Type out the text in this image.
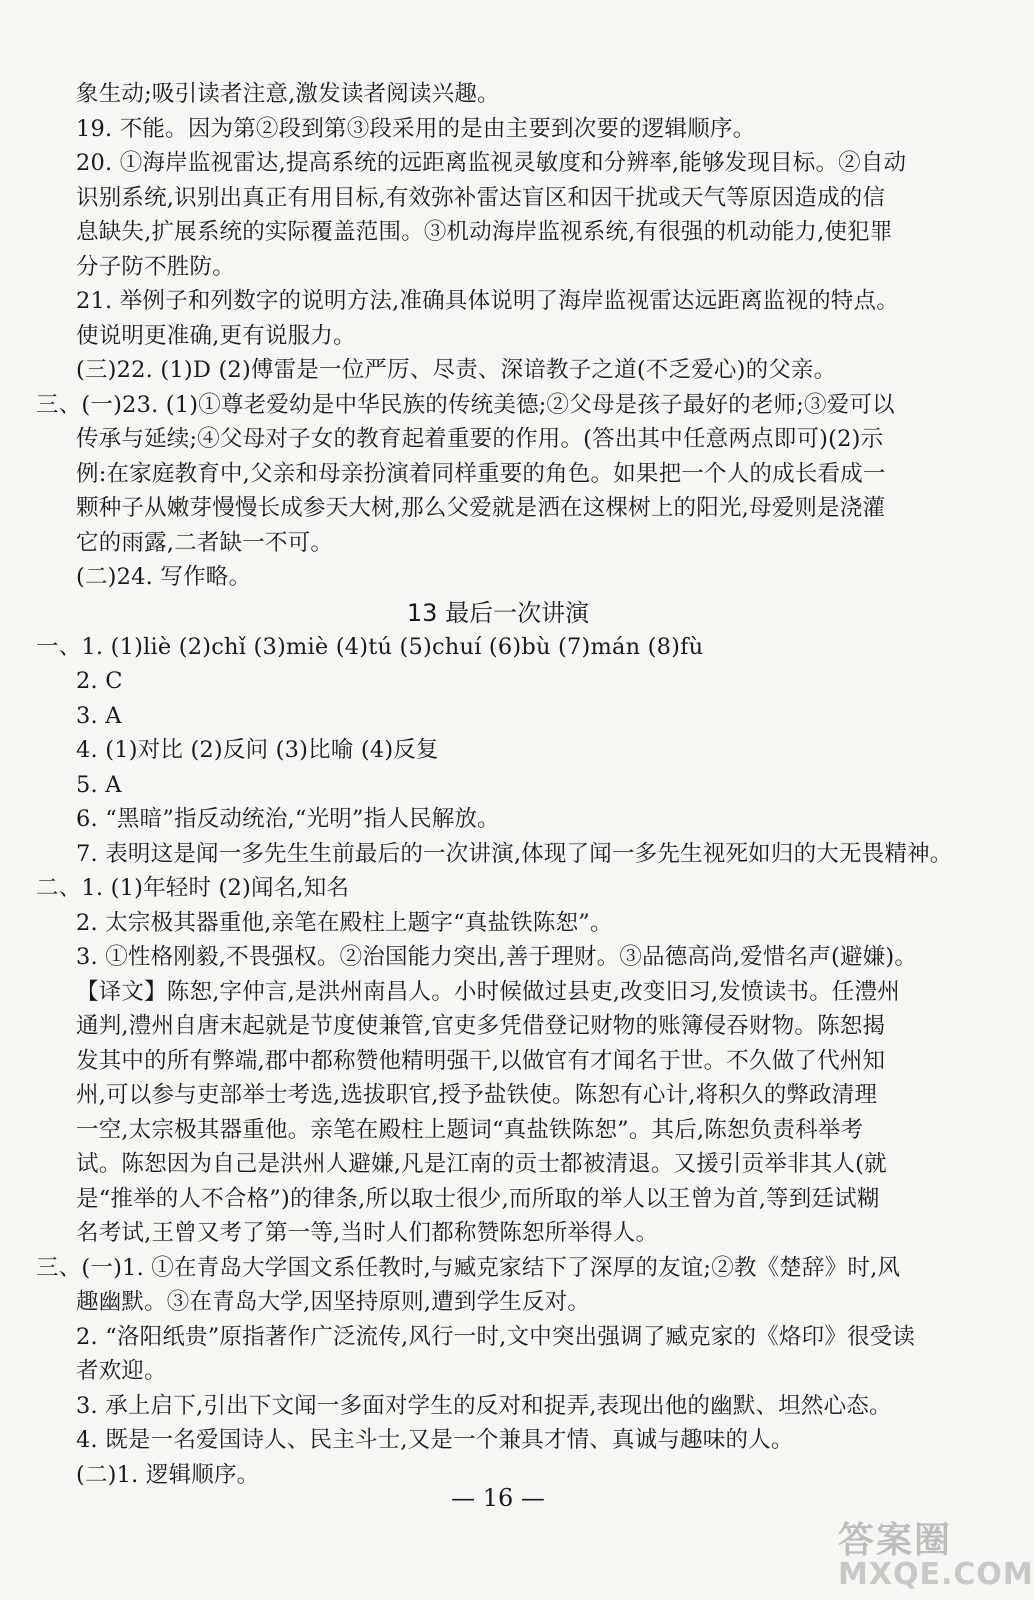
象生动;吸引读者注意,激发读者阅读兴趣。
19. 不能。因为第②段到第③段采用的是由主要到次要的逻辑顺序。
20. ①海岸监视雷达,提高系统的远距离监视灵敏度和分辨率,能够发现目标。②自动
识别系统,识别出真正有用目标,有效弥补雷达盲区和因干扰或天气等原因造成的信
息缺失,扩展系统的实际覆盖范围。③机动海岸监视系统,有很强的机动能力,使犯罪
分子防不胜防。
21. 举例子和列数字的说明方法,准确具体说明了海岸监视雷达远距离监视的特点。
使说明更准确,更有说服力。
(三)22. (1)D (2)傅雷是一位严厉、尽责、深谙教子之道(不乏爱心)的父亲。
三、(一)23. (1)①尊老爱幼是中华民族的传统美德;②父母是孩子最好的老师;③爱可以
传承与延续;④父母对子女的教育起着重要的作用。(答出其中任意两点即可)(2)示
例:在家庭教育中,父亲和母亲扮演着同样重要的角色。如果把一个人的成长看成一
颗种子从嫩芽慢慢长成参天大树,那么父爱就是洒在这棵树上的阳光,母爱则是浇灌
它的雨露,二者缺一不可。
(二)24. 写作略。
13 最后一次讲演
一、1. (1)liè (2)chǐ (3)miè (4)tú (5)chuí (6)bù (7)mán (8)fù
2. C
3. A
4. (1)对比 (2)反问 (3)比喻 (4)反复
5. A
6. “黑暗”指反动统治,“光明”指人民解放。
7. 表明这是闻一多先生生前最后的一次讲演,体现了闻一多先生视死如归的大无畏精神。
二、1. (1)年轻时 (2)闻名,知名
2. 太宗极其器重他,亲笔在殿柱上题字“真盐铁陈恕”。
3. ①性格刚毅,不畏强权。②治国能力突出,善于理财。③品德高尚,爱惜名声(避嫌)。
【译文】陈恕,字仲言,是洪州南昌人。小时候做过县吏,改变旧习,发愤读书。任澧州
通判,澧州自唐末起就是节度使兼管,官吏多凭借登记财物的账簿侵吞财物。陈恕揭
发其中的所有弊端,郡中都称赞他精明强干,以做官有才闻名于世。不久做了代州知
州,可以参与吏部举士考选,选拔职官,授予盐铁使。陈恕有心计,将积久的弊政清理
一空,太宗极其器重他。亲笔在殿柱上题词“真盐铁陈恕”。其后,陈恕负责科举考
试。陈恕因为自己是洪州人避嫌,凡是江南的贡士都被清退。又援引贡举非其人(就
是“推举的人不合格”)的律条,所以取士很少,而所取的举人以王曾为首,等到廷试糊
名考试,王曾又考了第一等,当时人们都称赞陈恕所举得人。
三、(一)1. ①在青岛大学国文系任教时,与臧克家结下了深厚的友谊;②教《楚辞》时,风
趣幽默。③在青岛大学,因坚持原则,遭到学生反对。
2. “洛阳纸贵”原指著作广泛流传,风行一时,文中突出强调了臧克家的《烙印》很受读
者欢迎。
3. 承上启下,引出下文闻一多面对学生的反对和捉弄,表现出他的幽默、坦然心态。
4. 既是一名爱国诗人、民主斗士,又是一个兼具才情、真诚与趣味的人。
(二)1. 逻辑顺序。
— 16 —
答案圈
MXQE.COM
